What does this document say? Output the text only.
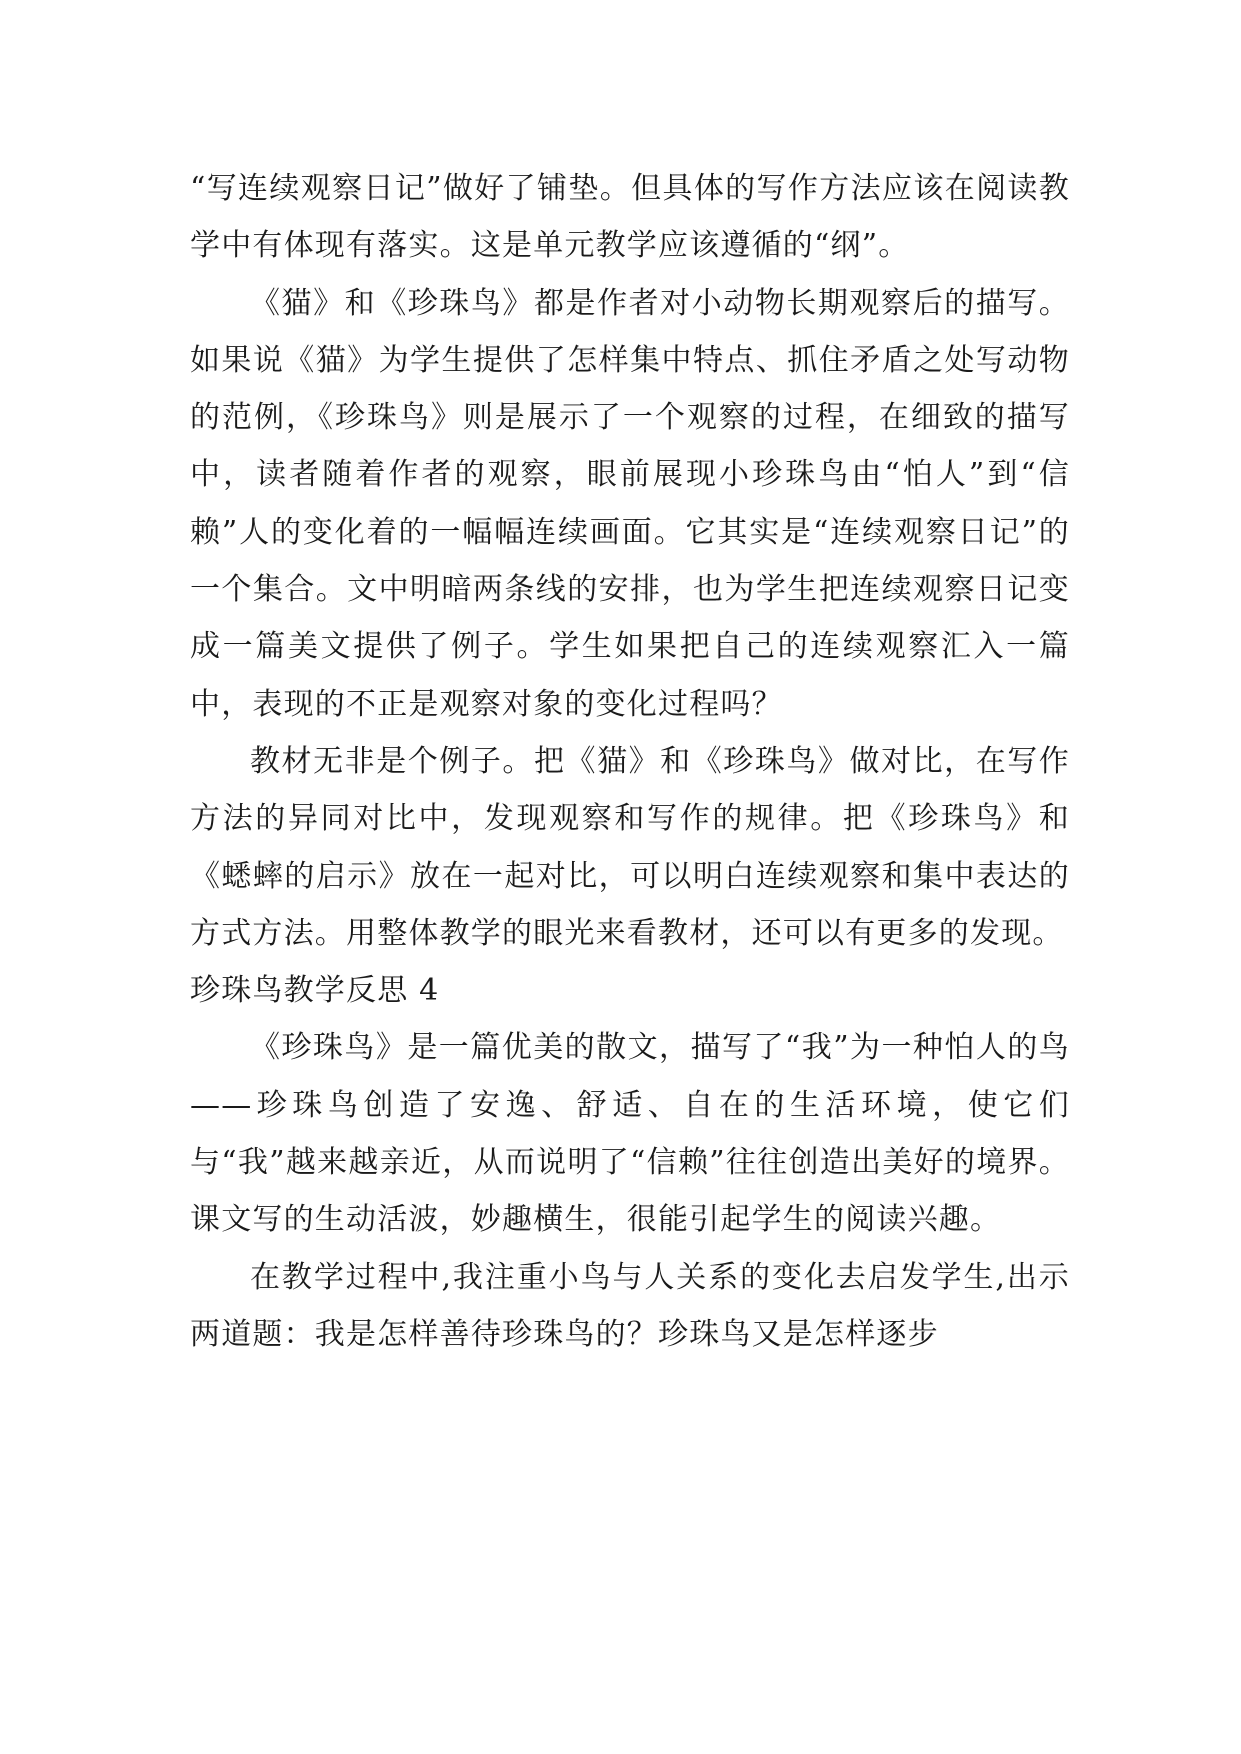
“写连续观察日记”做好了铺垫。但具体的写作方法应该在阅读教学中有体现有落实。这是单元教学应该遵循的“纲”。

《猫》和《珍珠鸟》都是作者对小动物长期观察后的描写。如果说《猫》为学生提供了怎样集中特点、抓住矛盾之处写动物的范例，《珍珠鸟》则是展示了一个观察的过程，在细致的描写中，读者随着作者的观察，眼前展现小珍珠鸟由“怕人”到“信赖”人的变化着的一幅幅连续画面。它其实是“连续观察日记”的一个集合。文中明暗两条线的安排，也为学生把连续观察日记变成一篇美文提供了例子。学生如果把自己的连续观察汇入一篇中，表现的不正是观察对象的变化过程吗？

教材无非是个例子。把《猫》和《珍珠鸟》做对比，在写作方法的异同对比中，发现观察和写作的规律。把《珍珠鸟》和《蟋蟀的启示》放在一起对比，可以明白连续观察和集中表达的方式方法。用整体教学的眼光来看教材，还可以有更多的发现。

珍珠鸟教学反思 4

《珍珠鸟》是一篇优美的散文，描写了“我”为一种怕人的鸟——珍珠鸟创造了安逸、舒适、自在的生活环境，使它们与“我”越来越亲近，从而说明了“信赖”往往创造出美好的境界。课文写的生动活波，妙趣横生，很能引起学生的阅读兴趣。

在教学过程中,我注重小鸟与人关系的变化去启发学生,出示两道题：我是怎样善待珍珠鸟的？珍珠鸟又是怎样逐步
